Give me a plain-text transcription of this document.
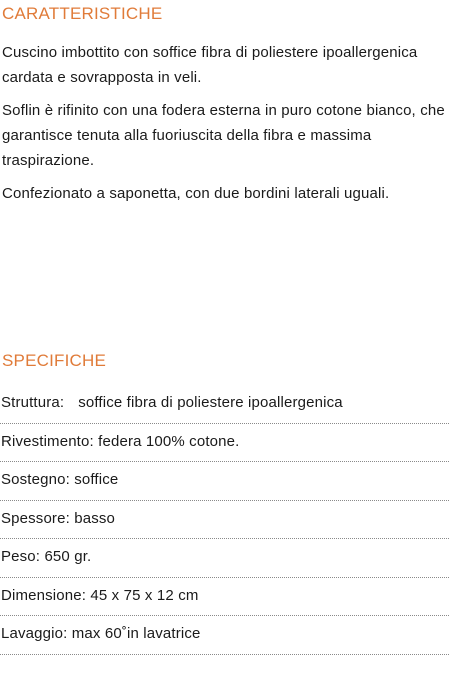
CARATTERISTICHE

Cuscino imbottito con soffice fibra di poliestere ipoallergenica cardata e sovrapposta in veli.

Soflin è rifinito con una fodera esterna in puro cotone bianco, che garantisce tenuta alla fuoriuscita della fibra e massima traspirazione.

Confezionato a saponetta, con due bordini laterali uguali.

SPECIFICHE
Struttura: soffice fibra di poliestere ipoallergenica
Rivestimento: federa 100% cotone.
Sostegno: soffice
Spessore: basso
Peso: 650 gr.
Dimensione: 45 x 75 x 12 cm
Lavaggio: max 60˚in lavatrice
